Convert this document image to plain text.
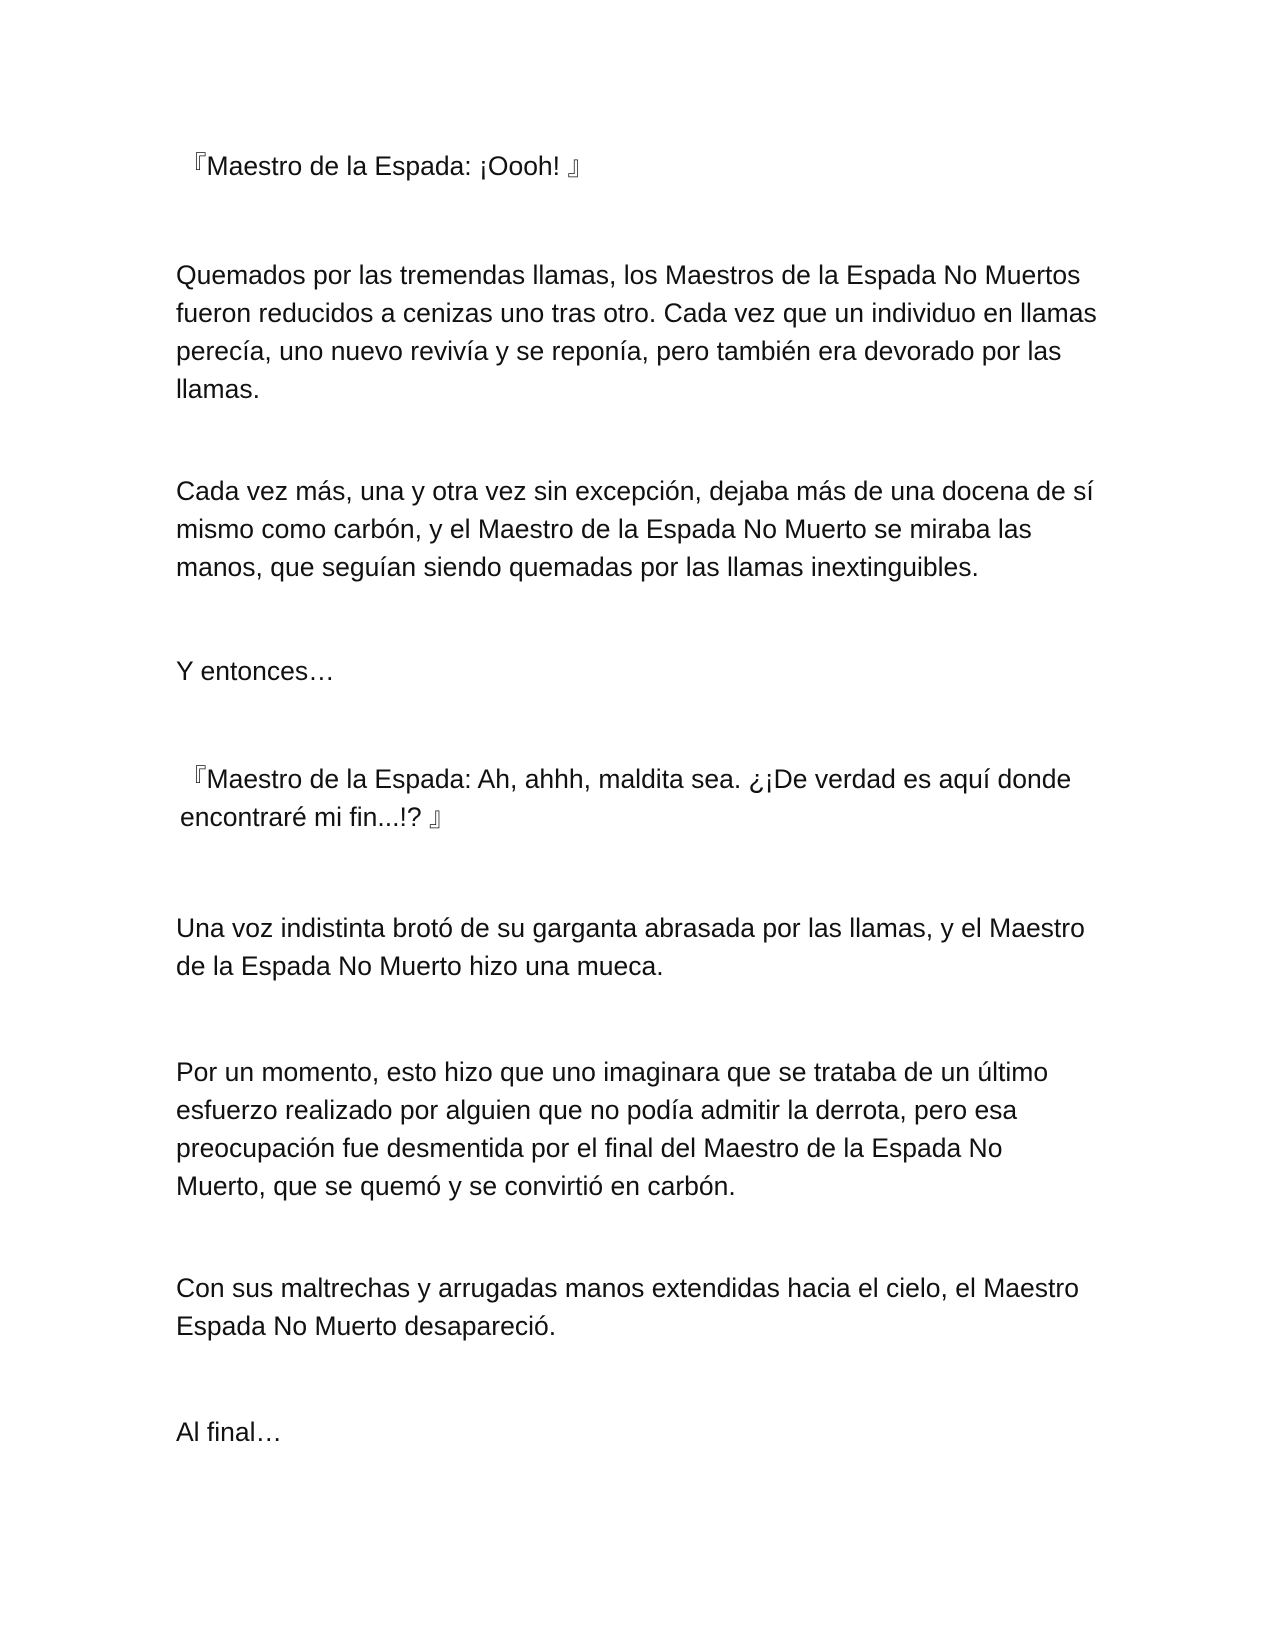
『Maestro de la Espada: ¡Oooh! 』

Quemados por las tremendas llamas, los Maestros de la Espada No Muertos
fueron reducidos a cenizas uno tras otro. Cada vez que un individuo en llamas
perecía, uno nuevo revivía y se reponía, pero también era devorado por las
llamas.

Cada vez más, una y otra vez sin excepción, dejaba más de una docena de sí
mismo como carbón, y el Maestro de la Espada No Muerto se miraba las
manos, que seguían siendo quemadas por las llamas inextinguibles.

Y entonces…

『Maestro de la Espada: Ah, ahhh, maldita sea. ¿¡De verdad es aquí donde
encontraré mi fin...!? 』

Una voz indistinta brotó de su garganta abrasada por las llamas, y el Maestro
de la Espada No Muerto hizo una mueca.

Por un momento, esto hizo que uno imaginara que se trataba de un último
esfuerzo realizado por alguien que no podía admitir la derrota, pero esa
preocupación fue desmentida por el final del Maestro de la Espada No
Muerto, que se quemó y se convirtió en carbón.

Con sus maltrechas y arrugadas manos extendidas hacia el cielo, el Maestro
Espada No Muerto desapareció.

Al final…
